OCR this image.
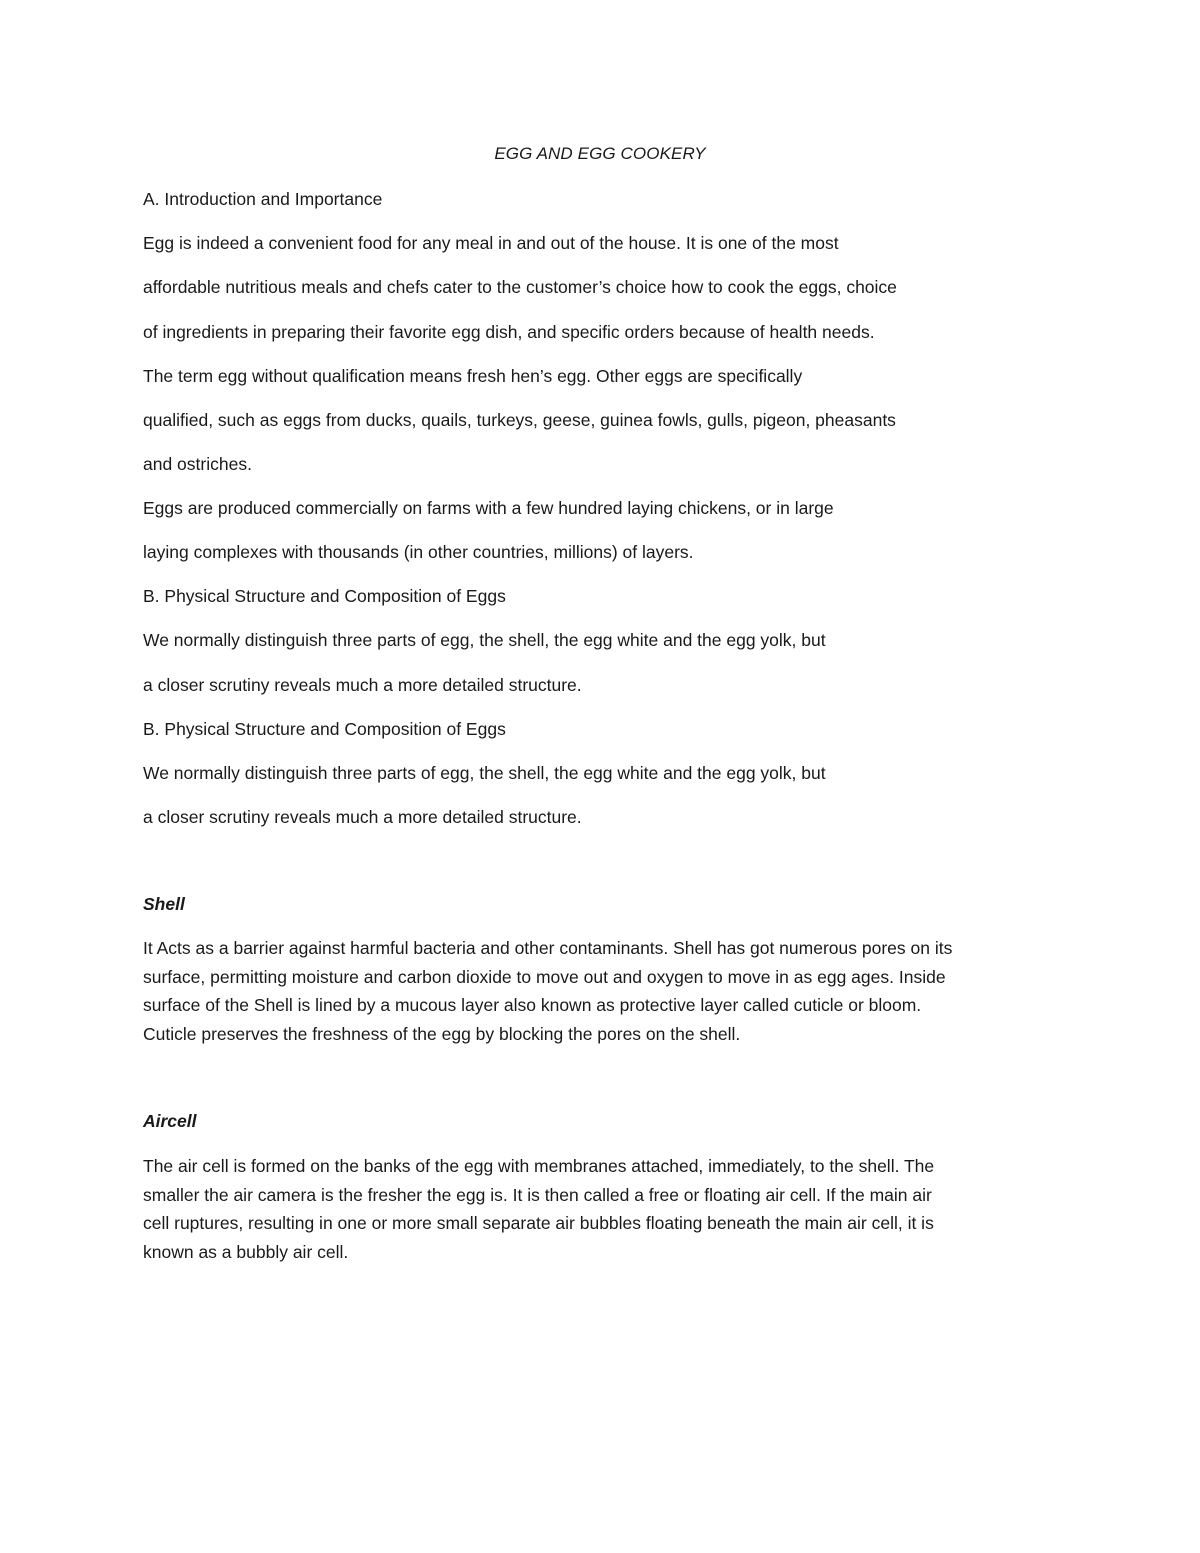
EGG AND EGG COOKERY
A. Introduction and Importance
Egg is indeed a convenient food for any meal in and out of the house. It is one of the most
affordable nutritious meals and chefs cater to the customer’s choice how to cook the eggs, choice
of ingredients in preparing their favorite egg dish, and specific orders because of health needs.
The term egg without qualification means fresh hen’s egg. Other eggs are specifically
qualified, such as eggs from ducks, quails, turkeys, geese, guinea fowls, gulls, pigeon, pheasants
and ostriches.
Eggs are produced commercially on farms with a few hundred laying chickens, or in large
laying complexes with thousands (in other countries, millions) of layers.
B. Physical Structure and Composition of Eggs
We normally distinguish three parts of egg, the shell, the egg white and the egg yolk, but
a closer scrutiny reveals much a more detailed structure.
B. Physical Structure and Composition of Eggs
We normally distinguish three parts of egg, the shell, the egg white and the egg yolk, but
a closer scrutiny reveals much a more detailed structure.
Shell
It Acts as a barrier against harmful bacteria and other contaminants. Shell has got numerous pores on its
surface, permitting moisture and carbon dioxide to move out and oxygen to move in as egg ages. Inside
surface of the Shell is lined by a mucous layer also known as protective layer called cuticle or bloom.
Cuticle preserves the freshness of the egg by blocking the pores on the shell.
Aircell
The air cell is formed on the banks of the egg with membranes attached, immediately, to the shell. The
smaller the air camera is the fresher the egg is. It is then called a free or floating air cell. If the main air
cell ruptures, resulting in one or more small separate air bubbles floating beneath the main air cell, it is
known as a bubbly air cell.
